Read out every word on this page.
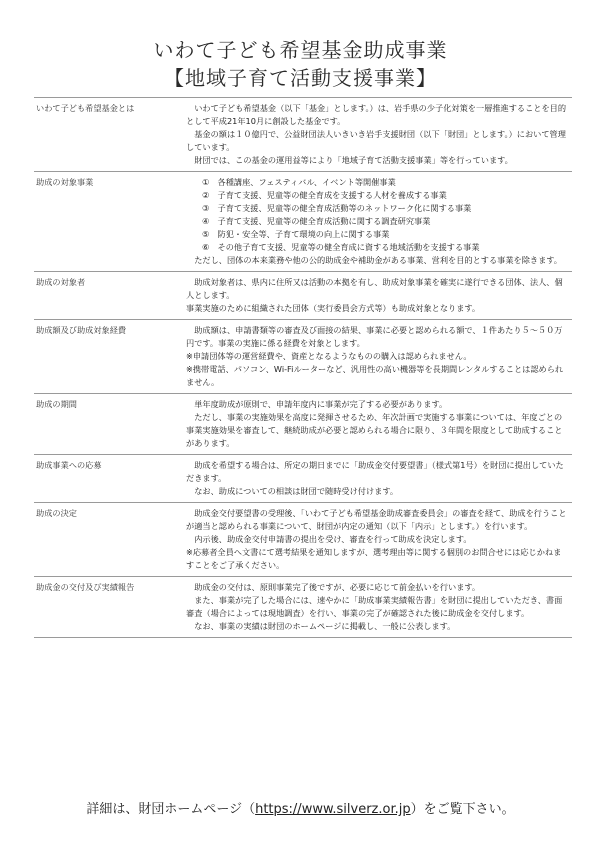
いわて子ども希望基金助成事業
【地域子育て活動支援事業】
いわて子ども希望基金とは	いわて子ども希望基金（以下「基金」とします。）は、岩手県の少子化対策を一層推進することを目的として平成21年10月に創設した基金です。

基金の額は１０億円で、公益財団法人いきいき岩手支援財団（以下「財団」とします。）において管理しています。

財団では、この基金の運用益等により「地域子育て活動支援事業」等を行っています。

助成の対象事業	①　各種講座、フェスティバル、イベント等開催事業
②　子育て支援、児童等の健全育成を支援する人材を養成する事業
③　子育て支援、児童等の健全育成活動等のネットワーク化に関する事業
④　子育て支援、児童等の健全育成活動に関する調査研究事業
⑤　防犯・安全等、子育て環境の向上に関する事業
⑥　その他子育て支援、児童等の健全育成に資する地域活動を支援する事業

ただし、団体の本来業務や他の公的助成金や補助金がある事業、営利を目的とする事業を除きます。

助成の対象者	助成対象者は、県内に住所又は活動の本拠を有し、助成対象事業を確実に遂行できる団体、法人、個人とします。

事業実施のために組織された団体（実行委員会方式等）も助成対象となります。

助成額及び助成対象経費	助成額は、申請書類等の審査及び面接の結果、事業に必要と認められる額で、１件あたり５～５０万円です。事業の実施に係る経費を対象とします。

※申請団体等の運営経費や、資産となるようなものの購入は認められません。

※携帯電話、パソコン、Wi-Fiルーターなど、汎用性の高い機器等を長期間レンタルすることは認められません。

助成の期間	単年度助成が原則で、申請年度内に事業が完了する必要があります。

ただし、事業の実施効果を高度に発揮させるため、年次計画で実施する事業については、年度ごとの事業実施効果を審査して、継続助成が必要と認められる場合に限り、３年間を限度として助成することがあります。

助成事業への応募	助成を希望する場合は、所定の期日までに「助成金交付要望書」（様式第1号）を財団に提出していただきます。

なお、助成についての相談は財団で随時受け付けます。

助成の決定	助成金交付要望書の受理後、「いわて子ども希望基金助成審査委員会」の審査を経て、助成を行うことが適当と認められる事業について、財団が内定の通知（以下「内示」とします。）を行います。

内示後、助成金交付申請書の提出を受け、審査を行って助成を決定します。

※応募者全員へ文書にて選考結果を通知しますが、選考理由等に関する個別のお問合せには応じかねますことをご了承ください。

助成金の交付及び実績報告	助成金の交付は、原則事業完了後ですが、必要に応じて前金払いを行います。

また、事業が完了した場合には、速やかに「助成事業実績報告書」を財団に提出していただき、書面審査（場合によっては現地調査）を行い、事業の完了が確認された後に助成金を交付します。

なお、事業の実績は財団のホームページに掲載し、一般に公表します。

詳細は、財団ホームページ（https://www.silverz.or.jp）をご覧下さい。
